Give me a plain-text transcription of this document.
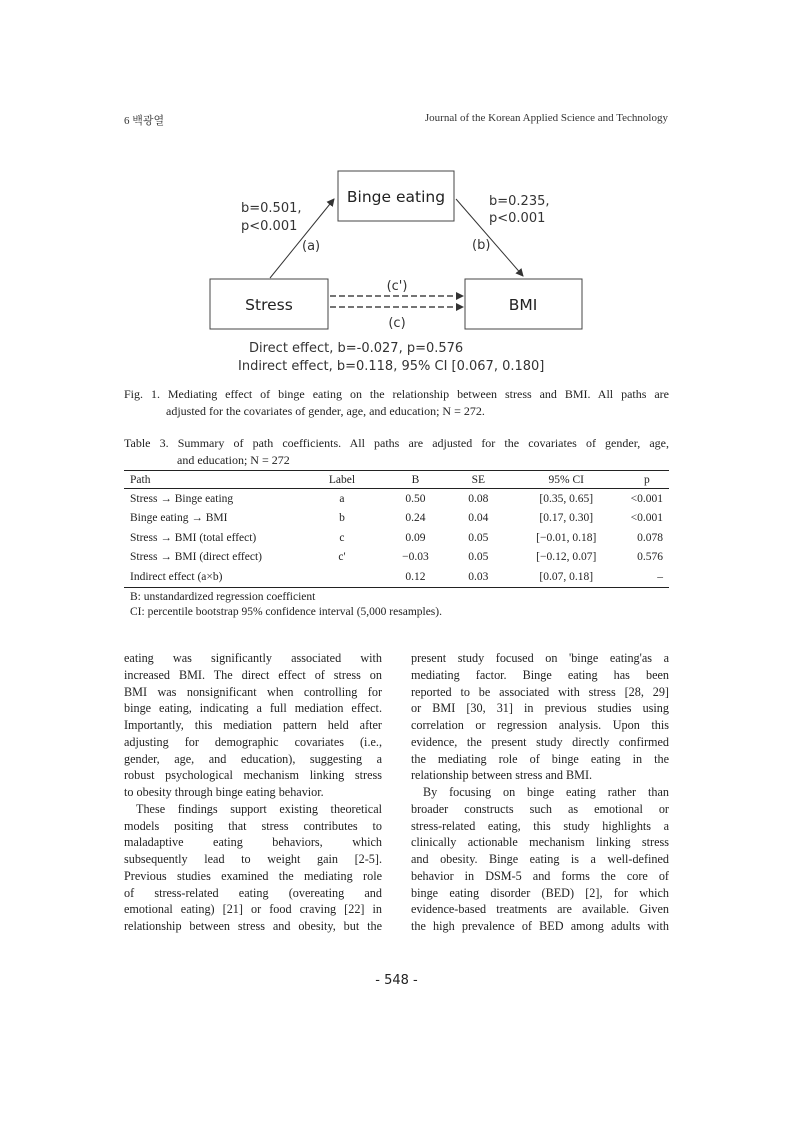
6 백광열	Journal of the Korean Applied Science and Technology
Binge eating
Stress	BMI
b=0.501,
p<0.001
(a)
b=0.235,
p<0.001
(b)
(c')
(c)
Direct effect, b=-0.027, p=0.576
Indirect effect, b=0.118, 95% CI [0.067, 0.180]
Fig. 1. Mediating effect of binge eating on the relationship between stress and BMI. All paths are
adjusted for the covariates of gender, age, and education; N = 272.
Table 3. Summary of path coefficients. All paths are adjusted for the covariates of gender, age,
and education; N = 272
Path	Label	B	SE	95% CI	p
Stress → Binge eating	a	0.50	0.08	[0.35, 0.65]	<0.001
Binge eating → BMI	b	0.24	0.04	[0.17, 0.30]	<0.001
Stress → BMI (total effect)	c	0.09	0.05	[−0.01, 0.18]	0.078
Stress → BMI (direct effect)	c'	−0.03	0.05	[−0.12, 0.07]	0.576
Indirect effect (a×b)		0.12	0.03	[0.07, 0.18]	–
B: unstandardized regression coefficient
CI: percentile bootstrap 95% confidence interval (5,000 resamples).
eating was significantly associated with
increased BMI. The direct effect of stress on
BMI was nonsignificant when controlling for
binge eating, indicating a full mediation effect.
Importantly, this mediation pattern held after
adjusting for demographic covariates (i.e.,
gender, age, and education), suggesting a
robust psychological mechanism linking stress
to obesity through binge eating behavior.
These findings support existing theoretical
models positing that stress contributes to
maladaptive eating behaviors, which
subsequently lead to weight gain [2-5].
Previous studies examined the mediating role
of stress-related eating (overeating and
emotional eating) [21] or food craving [22] in
relationship between stress and obesity, but the
present study focused on 'binge eating'as a
mediating factor. Binge eating has been
reported to be associated with stress [28, 29]
or BMI [30, 31] in previous studies using
correlation or regression analysis. Upon this
evidence, the present study directly confirmed
the mediating role of binge eating in the
relationship between stress and BMI.
By focusing on binge eating rather than
broader constructs such as emotional or
stress-related eating, this study highlights a
clinically actionable mechanism linking stress
and obesity. Binge eating is a well-defined
behavior in DSM-5 and forms the core of
binge eating disorder (BED) [2], for which
evidence-based treatments are available. Given
the high prevalence of BED among adults with
- 548 -
